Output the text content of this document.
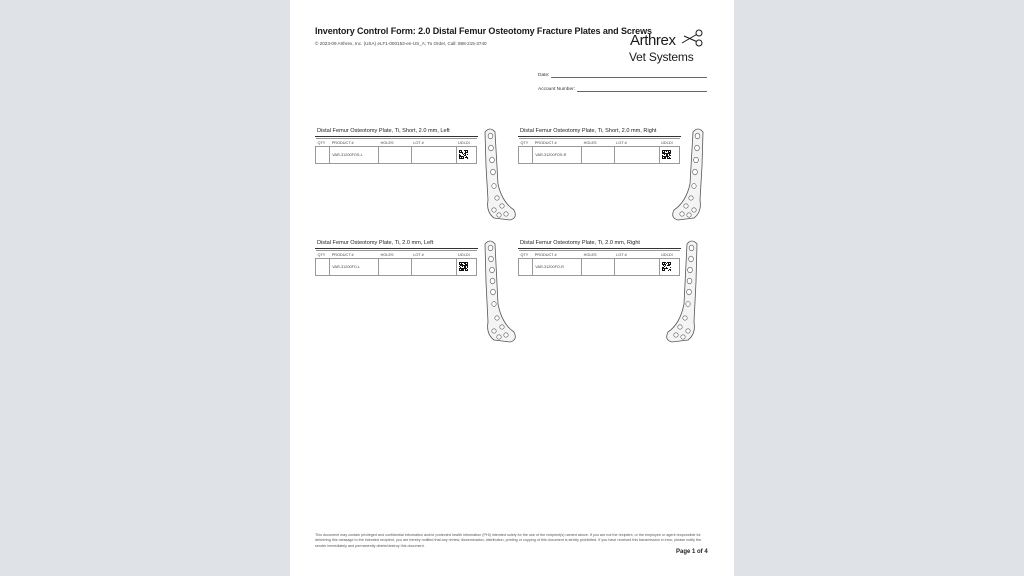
Inventory Control Form: 2.0 Distal Femur Osteotomy Fracture Plates and Screws
© 2023-09 Arthrex, Inc. (USA) eLF1-000153-en-US_A; To Order, Call: 888-215-3740	Arthrex
Vet Systems
Date:
Account Number:
Distal Femur Osteotomy Plate, Ti, Short, 2.0 mm, Left
QTY	PRODUCT #	HOLES	LOT #	UDI-DI
	VAR-31200FOS-L			
Distal Femur Osteotomy Plate, Ti, Short, 2.0 mm, Right
QTY	PRODUCT #	HOLES	LOT #	UDI-DI
	VAR-31200FOS-R			
Distal Femur Osteotomy Plate, Ti, 2.0 mm, Left
QTY	PRODUCT #	HOLES	LOT #	UDI-DI
	VAR-31200FO-L			
Distal Femur Osteotomy Plate, Ti, 2.0 mm, Right
QTY	PRODUCT #	HOLES	LOT #	UDI-DI
	VAR-31200FO-R			
This document may contain privileged and confidential information and/or protected health information (PHI) intended solely for the use of the recipient(s) named above. If you are not the recipient, or the employee or agent responsible for delivering this message to the intended recipient, you are hereby notified that any review, dissemination, distribution, printing or copying of this document is strictly prohibited. If you have received this transmission in error, please notify the sender immediately and permanently delete/destroy this document.
Page 1 of 4
